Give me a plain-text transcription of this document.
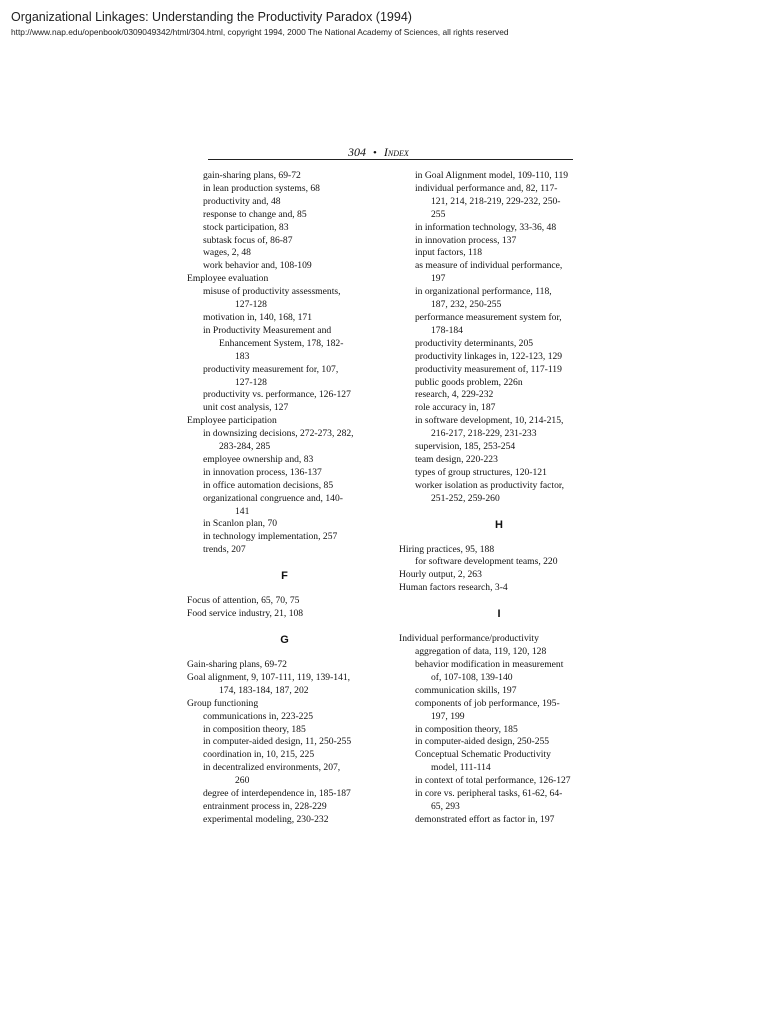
Organizational Linkages: Understanding the Productivity Paradox (1994)
http://www.nap.edu/openbook/0309049342/html/304.html, copyright 1994, 2000 The National Academy of Sciences, all rights reserved
304 • Index
gain-sharing plans, 69-72
in lean production systems, 68
productivity and, 48
response to change and, 85
stock participation, 83
subtask focus of, 86-87
wages, 2, 48
work behavior and, 108-109
Employee evaluation
misuse of productivity assessments,
127-128
motivation in, 140, 168, 171
in Productivity Measurement and
Enhancement System, 178, 182-
183
productivity measurement for, 107,
127-128
productivity vs. performance, 126-127
unit cost analysis, 127
Employee participation
in downsizing decisions, 272-273, 282,
283-284, 285
employee ownership and, 83
in innovation process, 136-137
in office automation decisions, 85
organizational congruence and, 140-
141
in Scanlon plan, 70
in technology implementation, 257
trends, 207
F
Focus of attention, 65, 70, 75
Food service industry, 21, 108
G
Gain-sharing plans, 69-72
Goal alignment, 9, 107-111, 119, 139-141,
174, 183-184, 187, 202
Group functioning
communications in, 223-225
in composition theory, 185
in computer-aided design, 11, 250-255
coordination in, 10, 215, 225
in decentralized environments, 207,
260
degree of interdependence in, 185-187
entrainment process in, 228-229
experimental modeling, 230-232
in Goal Alignment model, 109-110, 119
individual performance and, 82, 117-
121, 214, 218-219, 229-232, 250-
255
in information technology, 33-36, 48
in innovation process, 137
input factors, 118
as measure of individual performance,
197
in organizational performance, 118,
187, 232, 250-255
performance measurement system for,
178-184
productivity determinants, 205
productivity linkages in, 122-123, 129
productivity measurement of, 117-119
public goods problem, 226n
research, 4, 229-232
role accuracy in, 187
in software development, 10, 214-215,
216-217, 218-229, 231-233
supervision, 185, 253-254
team design, 220-223
types of group structures, 120-121
worker isolation as productivity factor,
251-252, 259-260
H
Hiring practices, 95, 188
for software development teams, 220
Hourly output, 2, 263
Human factors research, 3-4
I
Individual performance/productivity
aggregation of data, 119, 120, 128
behavior modification in measurement
of, 107-108, 139-140
communication skills, 197
components of job performance, 195-
197, 199
in composition theory, 185
in computer-aided design, 250-255
Conceptual Schematic Productivity
model, 111-114
in context of total performance, 126-127
in core vs. peripheral tasks, 61-62, 64-
65, 293
demonstrated effort as factor in, 197
